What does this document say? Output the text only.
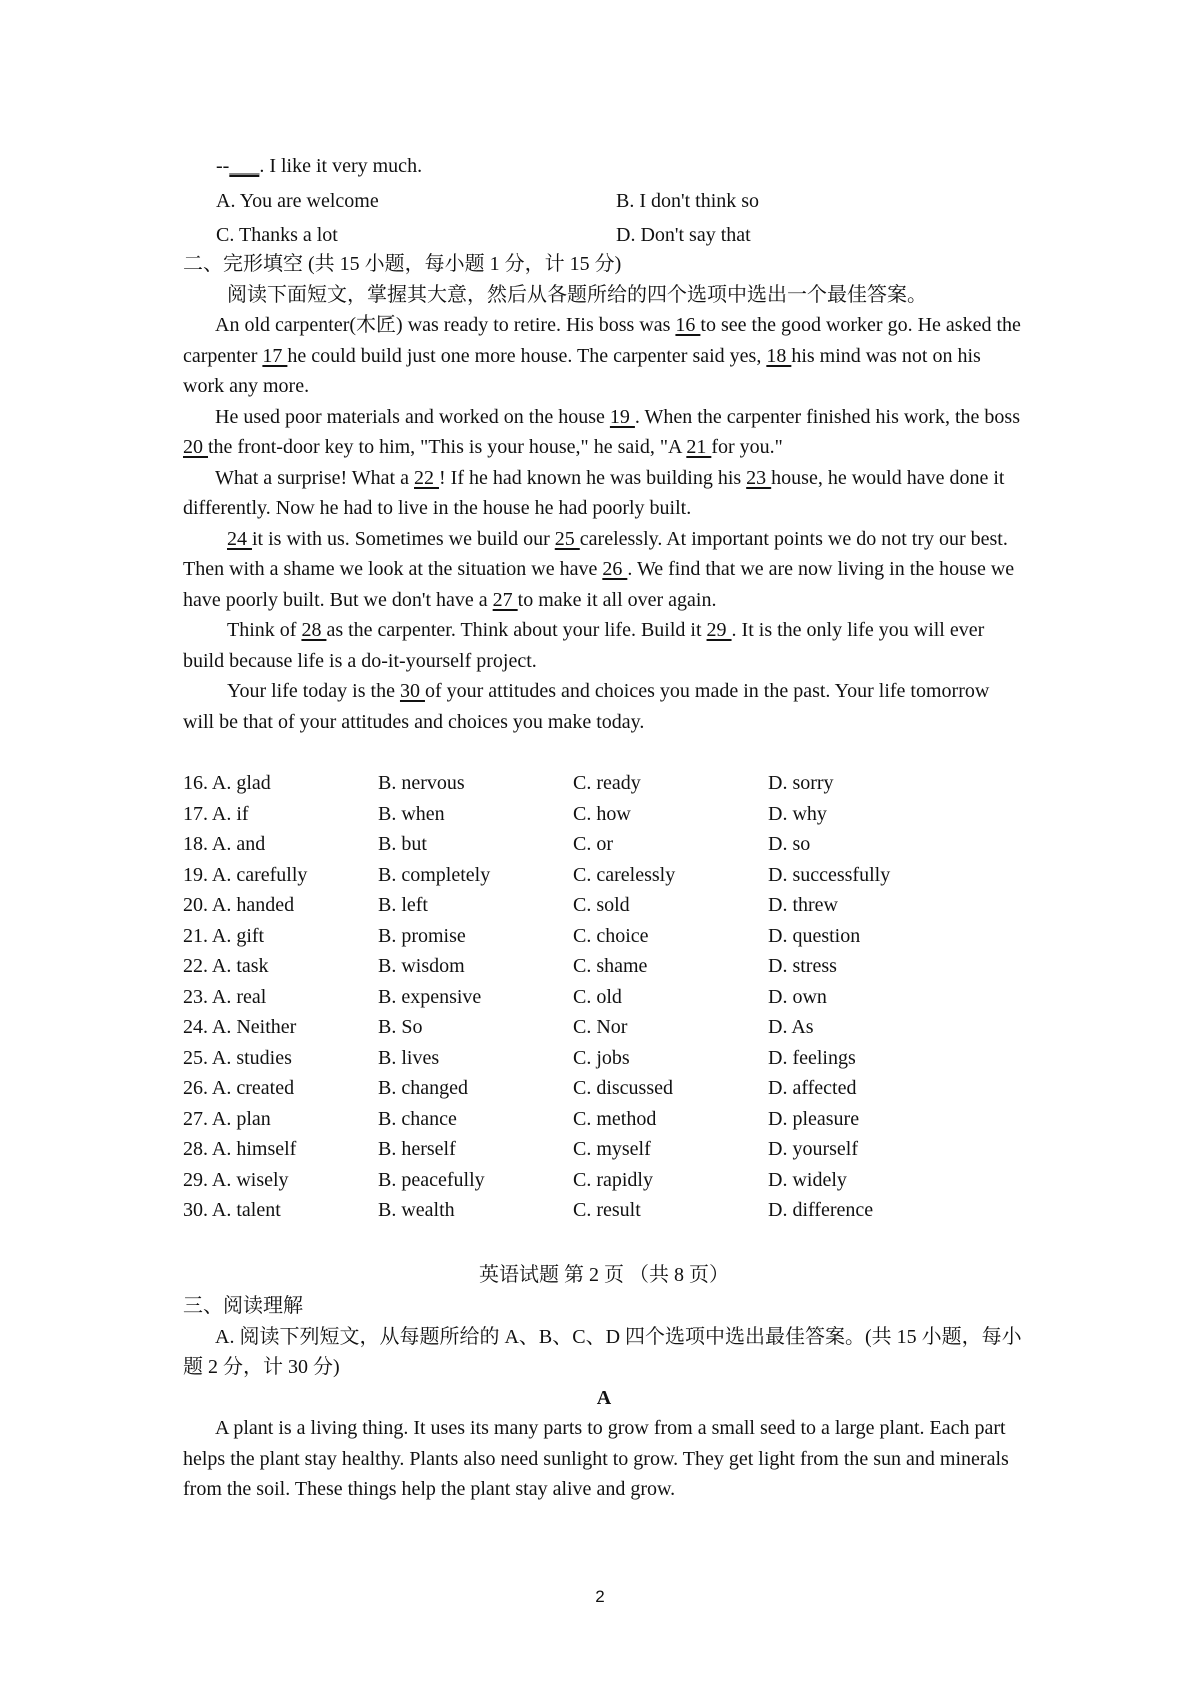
--___. I like it very much.
A. You are welcome	B. I don't think so
C. Thanks a lot	D. Don't say that
二、完形填空 (共 15 小题，每小题 1 分，计 15 分)

阅读下面短文，掌握其大意，然后从各题所给的四个选项中选出一个最佳答案。

An old carpenter(木匠) was ready to retire. His boss was 16 to see the good worker go. He asked the carpenter 17 he could build just one more house. The carpenter said yes, 18 his mind was not on his work any more.

He used poor materials and worked on the house 19 . When the carpenter finished his work, the boss 20 the front-door key to him, "This is your house," he said, "A 21 for you."

What a surprise! What a 22 ! If he had known he was building his 23 house, he would have done it differently. Now he had to live in the house he had poorly built.

24 it is with us. Sometimes we build our 25 carelessly. At important points we do not try our best. Then with a shame we look at the situation we have 26 . We find that we are now living in the house we have poorly built. But we don't have a 27 to make it all over again.

Think of 28 as the carpenter. Think about your life. Build it 29 . It is the only life you will ever build because life is a do-it-yourself project.

Your life today is the 30 of your attitudes and choices you made in the past. Your life tomorrow will be that of your attitudes and choices you make today.

16. A. glad	B. nervous	C. ready	D. sorry
17. A. if	B. when	C. how	D. why
18. A. and	B. but	C. or	D. so
19. A. carefully	B. completely	C. carelessly	D. successfully
20. A. handed	B. left	C. sold	D. threw
21. A. gift	B. promise	C. choice	D. question
22. A. task	B. wisdom	C. shame	D. stress
23. A. real	B. expensive	C. old	D. own
24. A. Neither	B. So	C. Nor	D. As
25. A. studies	B. lives	C. jobs	D. feelings
26. A. created	B. changed	C. discussed	D. affected
27. A. plan	B. chance	C. method	D. pleasure
28. A. himself	B. herself	C. myself	D. yourself
29. A. wisely	B. peacefully	C. rapidly	D. widely
30. A. talent	B. wealth	C. result	D. difference
英语试题 第 2 页 （共 8 页）
三、阅读理解

A. 阅读下列短文，从每题所给的 A、B、C、D 四个选项中选出最佳答案。(共 15 小题，每小题 2 分，计 30 分)

A

A plant is a living thing. It uses its many parts to grow from a small seed to a large plant. Each part helps the plant stay healthy. Plants also need sunlight to grow. They get light from the sun and minerals from the soil. These things help the plant stay alive and grow.

2
